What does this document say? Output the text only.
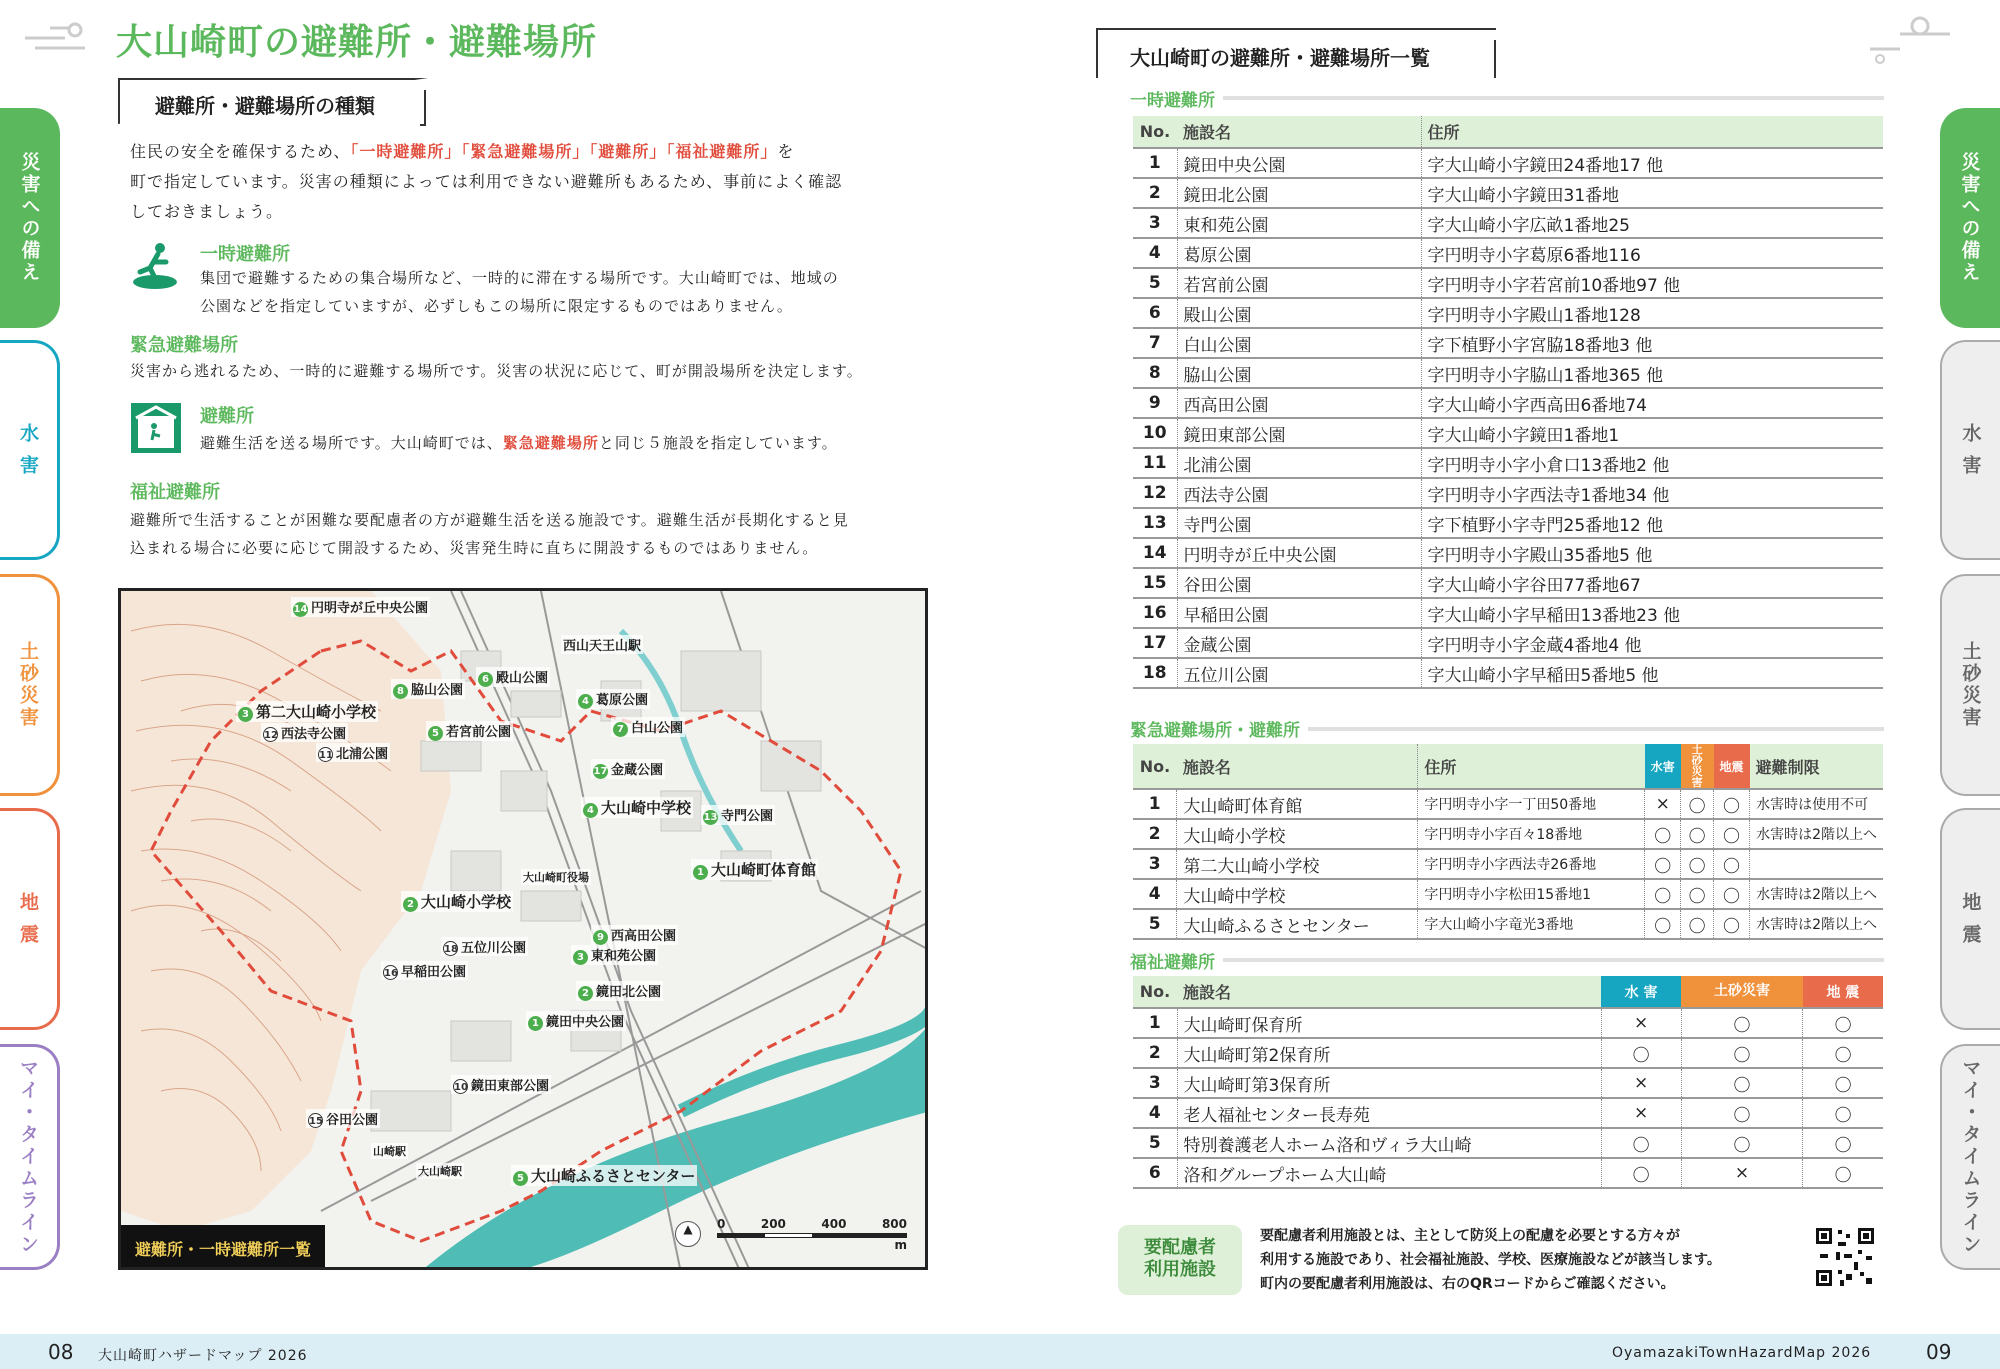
災害への備え
水 害
土砂災害
地 震
マイ・タイムライン
災害への備え
水 害
土砂災害
地 震
マイ・タイムライン
大山崎町の避難所・避難場所
避難所・避難場所の種類
住民の安全を確保するため、「一時避難所」「緊急避難場所」「避難所」「福祉避難所」を
町で指定しています。災害の種類によっては利用できない避難所もあるため、事前によく確認
しておきましょう。
一時避難所
集団で避難するための集合場所など、一時的に滞在する場所です。大山崎町では、地域の
公園などを指定していますが、必ずしもこの場所に限定するものではありません。
緊急避難場所
災害から逃れるため、一時的に避難する場所です。災害の状況に応じて、町が開設場所を決定します。
避難所
避難生活を送る場所です。大山崎町では、緊急避難場所と同じ５施設を指定しています。
福祉避難所
避難所で生活することが困難な要配慮者の方が避難生活を送る施設です。避難生活が長期化すると見
込まれる場合に必要に応じて開設するため、災害発生時に直ちに開設するものではありません。
14 円明寺が丘中央公園
西山天王山駅
6 殿山公園
8 脇山公園
3 第二大山崎小学校
12 西法寺公園	5 若宮前公園
4 葛原公園
7 白山公園
11 北浦公園
17 金蔵公園
4 大山崎中学校
13 寺門公園
1 大山崎町体育館
大山崎町役場
2 大山崎小学校
9 西高田公園
18 五位川公園
3 東和苑公園
16 早稲田公園
2 鏡田北公園
1 鏡田中央公園
10 鏡田東部公園
15 谷田公園
山崎駅
大山崎駅
5 大山崎ふるさとセンター
避難所・一時避難所一覧
▲	0	200	400	800
m
大山崎町の避難所・避難場所一覧
一時避難所
No.	施設名	住所
1	鏡田中央公園	字大山崎小字鏡田24番地17 他
2	鏡田北公園	字大山崎小字鏡田31番地
3	東和苑公園	字大山崎小字広畝1番地25
4	葛原公園	字円明寺小字葛原6番地116
5	若宮前公園	字円明寺小字若宮前10番地97 他
6	殿山公園	字円明寺小字殿山1番地128
7	白山公園	字下植野小字宮脇18番地3 他
8	脇山公園	字円明寺小字脇山1番地365 他
9	西高田公園	字大山崎小字西高田6番地74
10	鏡田東部公園	字大山崎小字鏡田1番地1
11	北浦公園	字円明寺小字小倉口13番地2 他
12	西法寺公園	字円明寺小字西法寺1番地34 他
13	寺門公園	字下植野小字寺門25番地12 他
14	円明寺が丘中央公園	字円明寺小字殿山35番地5 他
15	谷田公園	字大山崎小字谷田77番地67
16	早稲田公園	字大山崎小字早稲田13番地23 他
17	金蔵公園	字円明寺小字金蔵4番地4 他
18	五位川公園	字大山崎小字早稲田5番地5 他
緊急避難場所・避難所
No.	施設名	住所	水害	土砂災害	地震	避難制限
1	大山崎町体育館	字円明寺小字一丁田50番地	×	〇	〇	水害時は使用不可
2	大山崎小学校	字円明寺小字百々18番地	〇	〇	〇	水害時は2階以上へ
3	第二大山崎小学校	字円明寺小字西法寺26番地	〇	〇	〇	
4	大山崎中学校	字円明寺小字松田15番地1	〇	〇	〇	水害時は2階以上へ
5	大山崎ふるさとセンター	字大山崎小字竜光3番地	〇	〇	〇	水害時は2階以上へ
福祉避難所
No.	施設名	水 害	土砂災害	地 震
1	大山崎町保育所	×	〇	〇
2	大山崎町第2保育所	〇	〇	〇
3	大山崎町第3保育所	×	〇	〇
4	老人福祉センター長寿苑	×	〇	〇
5	特別養護老人ホーム洛和ヴィラ大山崎	〇	〇	〇
6	洛和グループホーム大山崎	〇	×	〇
要配慮者
利用施設
要配慮者利用施設とは、主として防災上の配慮を必要とする方々が
利用する施設であり、社会福祉施設、学校、医療施設などが該当します。
町内の要配慮者利用施設は、右のQRコードからご確認ください。
08 大山崎町ハザードマップ 2026	OyamazakiTownHazardMap 2026	09
